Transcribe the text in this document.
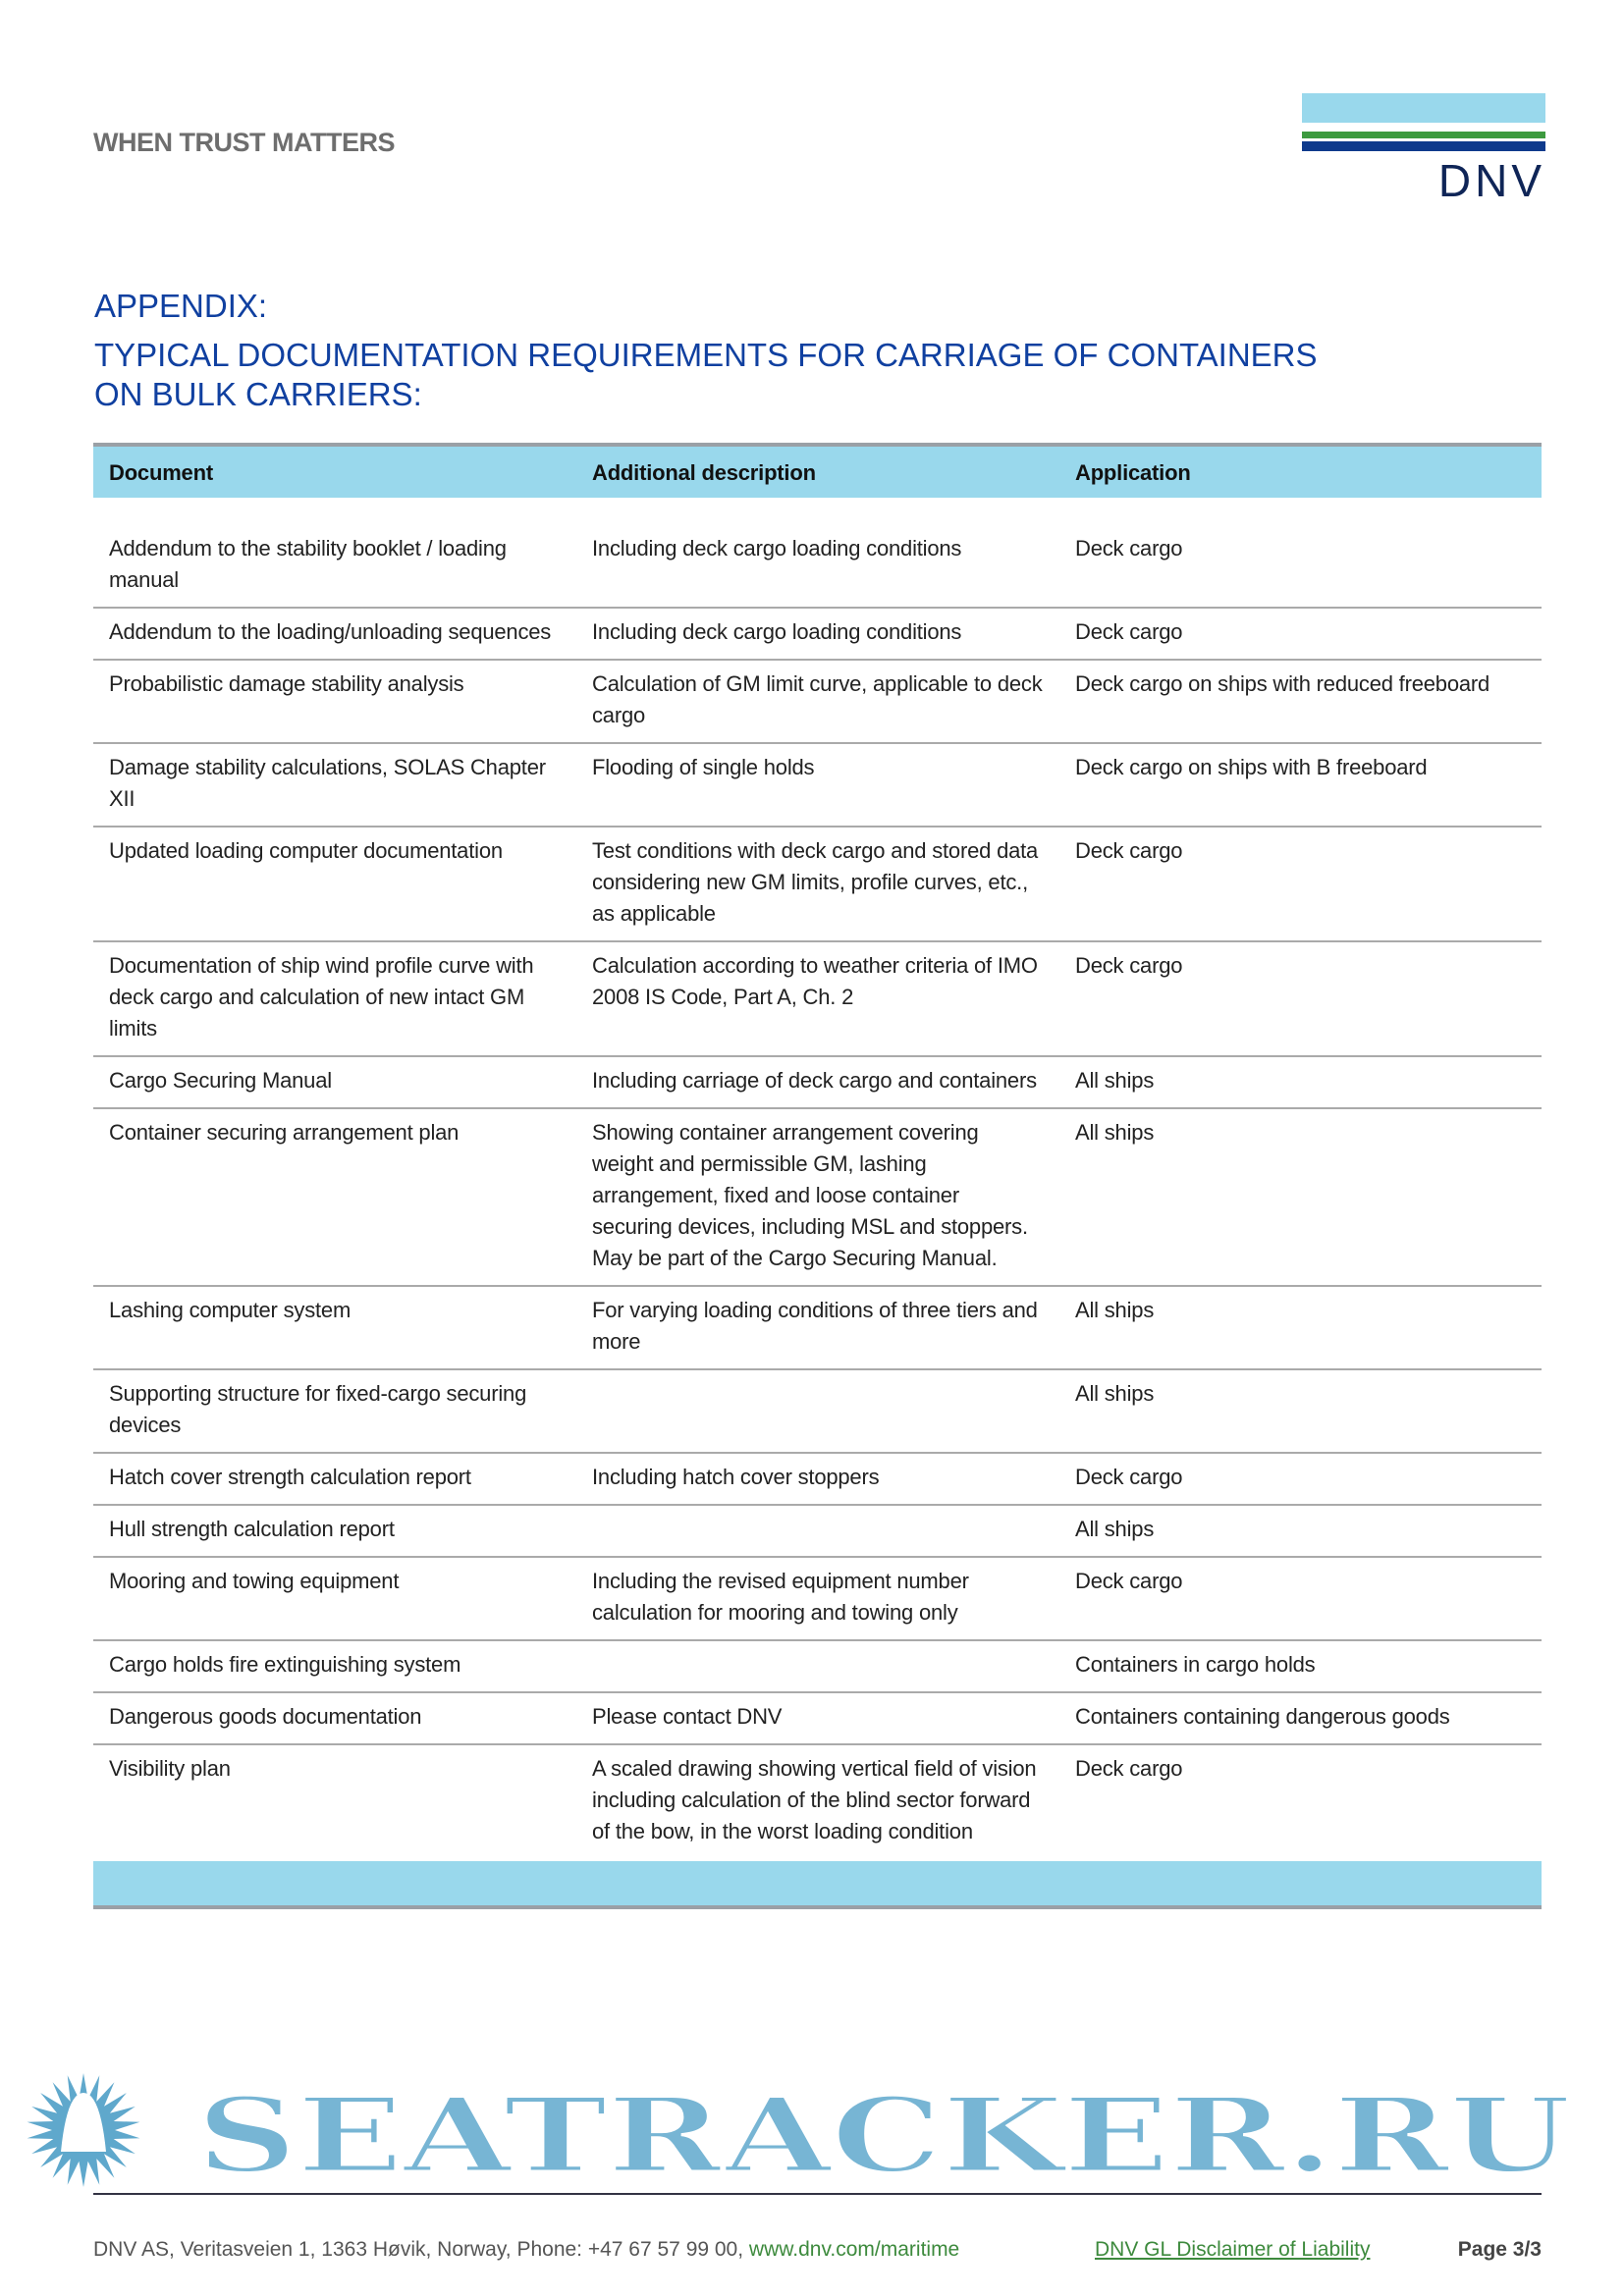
WHEN TRUST MATTERS
DNV
APPENDIX:
TYPICAL DOCUMENTATION REQUIREMENTS FOR CARRIAGE OF CONTAINERS
ON BULK CARRIERS:
Document	Additional description	Application

Addendum to the stability booklet / loading manual	Including deck cargo loading conditions	Deck cargo
Addendum to the loading/unloading sequences	Including deck cargo loading conditions	Deck cargo
Probabilistic damage stability analysis	Calculation of GM limit curve, applicable to deck cargo	Deck cargo on ships with reduced freeboard
Damage stability calculations, SOLAS Chapter XII	Flooding of single holds	Deck cargo on ships with B freeboard
Updated loading computer documentation	Test conditions with deck cargo and stored data considering new GM limits, profile curves, etc., as applicable	Deck cargo
Documentation of ship wind profile curve with deck cargo and calculation of new intact GM limits	Calculation according to weather criteria of IMO 2008 IS Code, Part A, Ch. 2	Deck cargo
Cargo Securing Manual	Including carriage of deck cargo and containers	All ships
Container securing arrangement plan	Showing container arrangement covering weight and permissible GM, lashing arrangement, fixed and loose container securing devices, including MSL and stoppers. May be part of the Cargo Securing Manual.	All ships
Lashing computer system	For varying loading conditions of three tiers and more	All ships
Supporting structure for fixed-cargo securing devices		All ships
Hatch cover strength calculation report	Including hatch cover stoppers	Deck cargo
Hull strength calculation report		All ships
Mooring and towing equipment	Including the revised equipment number calculation for mooring and towing only	Deck cargo
Cargo holds fire extinguishing system		Containers in cargo holds
Dangerous goods documentation	Please contact DNV	Containers containing dangerous goods
Visibility plan	A scaled drawing showing vertical field of vision including calculation of the blind sector forward of the bow, in the worst loading condition	Deck cargo
SEATRACKER.RU
DNV AS, Veritasveien 1, 1363 Høvik, Norway, Phone: +47 67 57 99 00, www.dnv.com/maritime	DNV GL Disclaimer of Liability	Page 3/3
